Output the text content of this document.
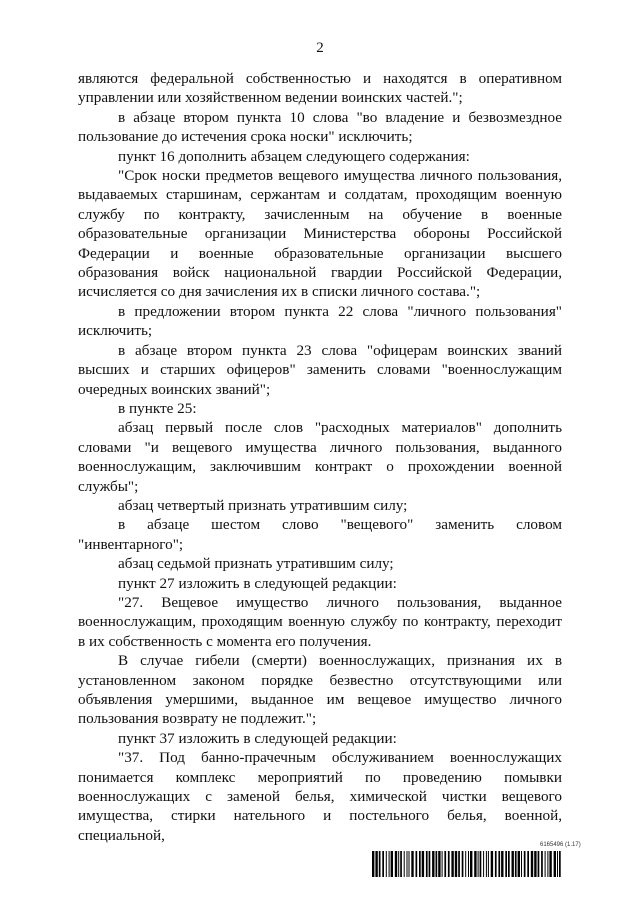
2

являются федеральной собственностью и находятся в оперативном управлении или хозяйственном ведении воинских частей.";

в абзаце втором пункта 10 слова "во владение и безвозмездное пользование до истечения срока носки" исключить;

пункт 16 дополнить абзацем следующего содержания:

"Срок носки предметов вещевого имущества личного пользования, выдаваемых старшинам, сержантам и солдатам, проходящим военную службу по контракту, зачисленным на обучение в военные образовательные организации Министерства обороны Российской Федерации и военные образовательные организации высшего образования войск национальной гвардии Российской Федерации, исчисляется со дня зачисления их в списки личного состава.";

в предложении втором пункта 22 слова "личного пользования" исключить;

в абзаце втором пункта 23 слова "офицерам воинских званий высших и старших офицеров" заменить словами "военнослужащим очередных воинских званий";

в пункте 25:

абзац первый после слов "расходных материалов" дополнить словами "и вещевого имущества личного пользования, выданного военнослужащим, заключившим контракт о прохождении военной службы";

абзац четвертый признать утратившим силу;

в абзаце шестом слово "вещевого" заменить словом "инвентарного";

абзац седьмой признать утратившим силу;

пункт 27 изложить в следующей редакции:

"27. Вещевое имущество личного пользования, выданное военнослужащим, проходящим военную службу по контракту, переходит в их собственность с момента его получения.

В случае гибели (смерти) военнослужащих, признания их в установленном законом порядке безвестно отсутствующими или объявления умершими, выданное им вещевое имущество личного пользования возврату не подлежит.";

пункт 37 изложить в следующей редакции:

"37. Под банно-прачечным обслуживанием военнослужащих понимается комплекс мероприятий по проведению помывки военнослужащих с заменой белья, химической чистки вещевого имущества, стирки нательного и постельного белья, военной, специальной,

6165496 (1.17)
